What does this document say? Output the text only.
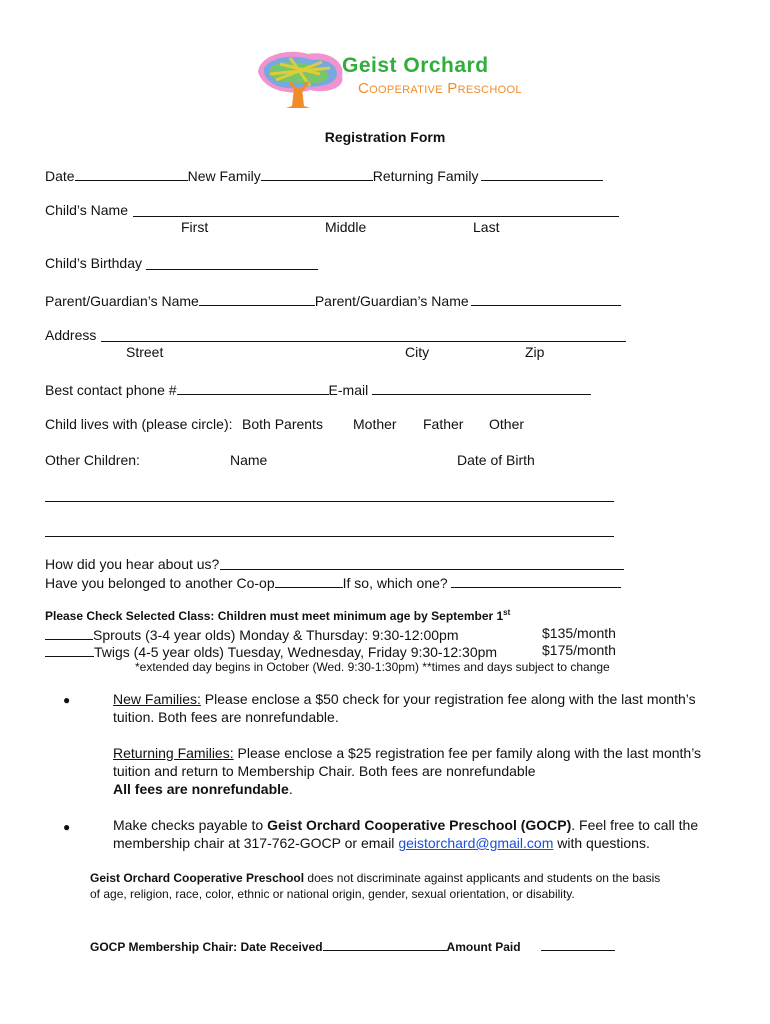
Geist Orchard
Cooperative Preschool
Registration Form
Date	New Family	Returning Family
Child’s Name
First	Middle	Last
Child’s Birthday
Parent/Guardian’s Name	Parent/Guardian’s Name
Address
Street	City	Zip
Best contact phone #	E-mail
Child lives with (please circle): Both Parents Mother Father Other
Other Children:	Name	Date of Birth
How did you hear about us?
Have you belonged to another Co-op	If so, which one?
Please Check Selected Class: Children must meet minimum age by September 1st
Sprouts (3-4 year olds) Monday & Thursday: 9:30-12:00pm	$135/month
Twigs (4-5 year olds) Tuesday, Wednesday, Friday 9:30-12:30pm	$175/month
*extended day begins in October (Wed. 9:30-1:30pm) **times and days subject to change
●	New Families: Please enclose a $50 check for your registration fee along with the last month’s
tuition. Both fees are nonrefundable.
Returning Families: Please enclose a $25 registration fee per family along with the last month’s
tuition and return to Membership Chair. Both fees are nonrefundable
All fees are nonrefundable.
●	Make checks payable to Geist Orchard Cooperative Preschool (GOCP). Feel free to call the
membership chair at 317-762-GOCP or email geistorchard@gmail.com with questions.
Geist Orchard Cooperative Preschool does not discriminate against applicants and students on the basis
of age, religion, race, color, ethnic or national origin, gender, sexual orientation, or disability.
GOCP Membership Chair: Date Received	Amount Paid
